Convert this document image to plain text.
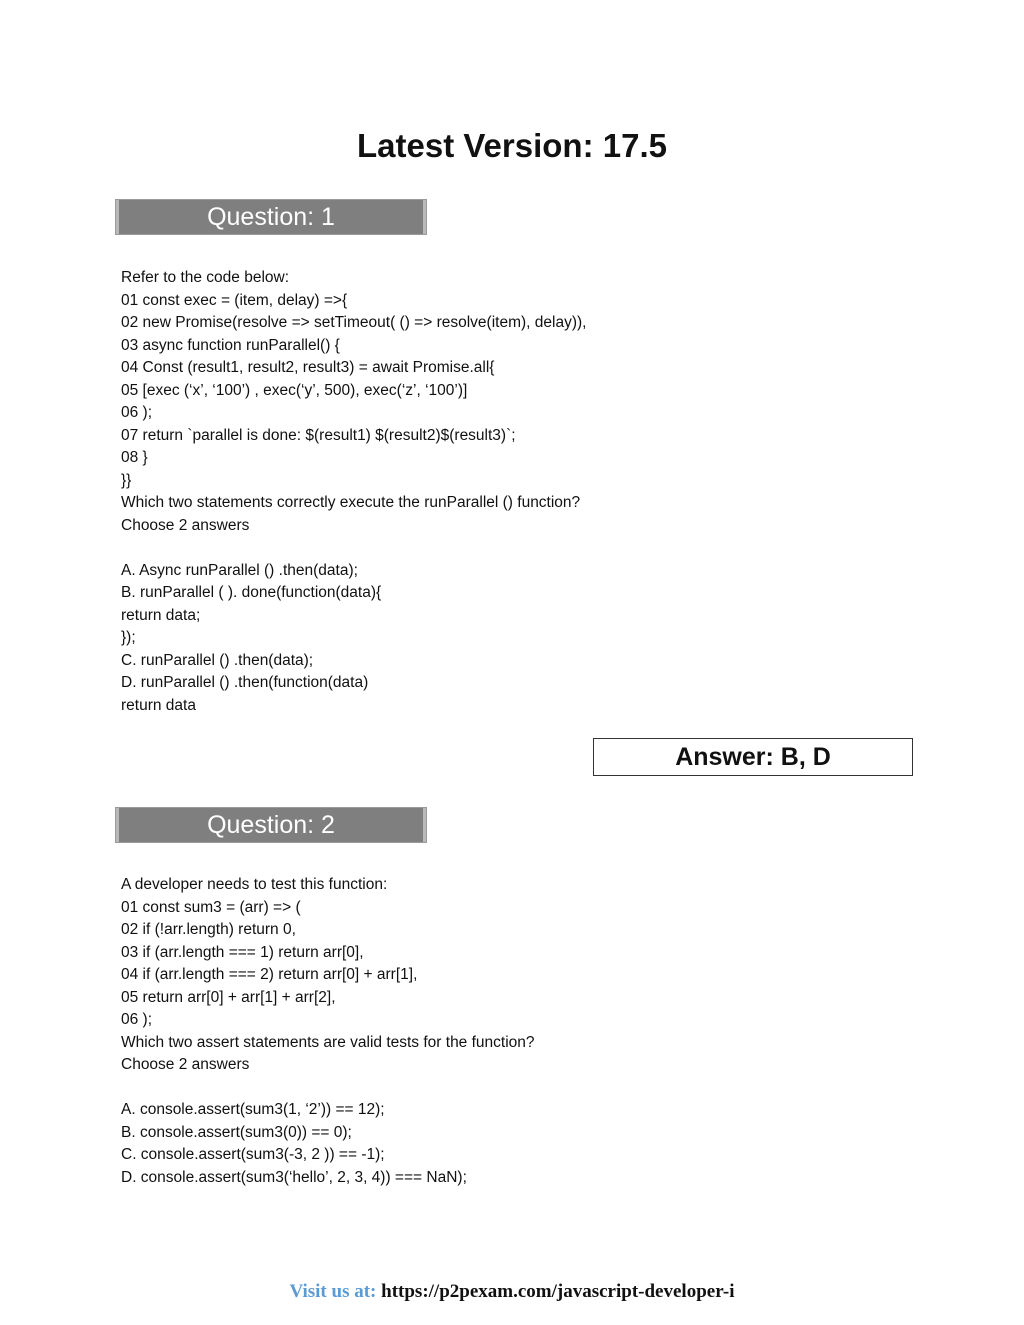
Latest Version: 17.5
Question: 1
Refer to the code below:
01 const exec = (item, delay) =>{
02 new Promise(resolve => setTimeout( () => resolve(item), delay)),
03 async function runParallel() {
04 Const (result1, result2, result3) = await Promise.all{
05 [exec (‘x’, ‘100’) , exec(‘y’, 500), exec(‘z’, ‘100’)]
06 );
07 return `parallel is done: $(result1) $(result2)$(result3)`;
08 }
}}
Which two statements correctly execute the runParallel () function?
Choose 2 answers
A. Async runParallel () .then(data);
B. runParallel ( ). done(function(data){
return data;
});
C. runParallel () .then(data);
D. runParallel () .then(function(data)
return data
Answer: B, D
Question: 2
A developer needs to test this function:
01 const sum3 = (arr) => (
02 if (!arr.length) return 0,
03 if (arr.length === 1) return arr[0],
04 if (arr.length === 2) return arr[0] + arr[1],
05 return arr[0] + arr[1] + arr[2],
06 );
Which two assert statements are valid tests for the function?
Choose 2 answers
A. console.assert(sum3(1, ‘2’)) == 12);
B. console.assert(sum3(0)) == 0);
C. console.assert(sum3(-3, 2 )) == -1);
D. console.assert(sum3(‘hello’, 2, 3, 4)) === NaN);
Visit us at: https://p2pexam.com/javascript-developer-i
